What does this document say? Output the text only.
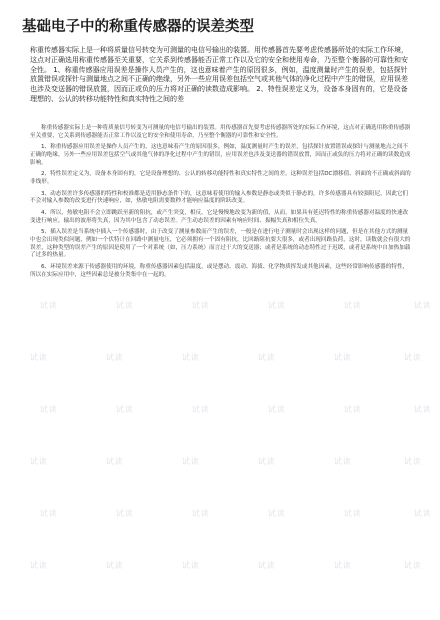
基础电子中的称重传感器的误差类型

称重传感器实际上是一种将质量信号转变为可测量的电信号输出的装置。用传感器首先要考虑传感器所处的实际工作环境，这点对正确选用称重传感器至关重要，它关系到传感器能否正常工作以及它的安全和使用寿命，乃至整个衡器的可靠性和安全性。 1、称重传感器应用误差是操作人员产生的，这也意味着产生的原因很多，例如，温度测量时产生的误差，包括探针放置错误或探针与测量地点之间不正确的绝缘，另外一些应用误差包括空气或其他气体的净化过程中产生的错误，应用误差也涉及变送器的错误放置，因而正或负的压力将对正确的读数造成影响。 2、特性误差定义为，设备本身固有的，它是设备理想的、公认的转移功能特性和真实特性之间的差

称重传感器实际上是一种将质量信号转变为可测量的电信号输出的装置。用传感器首先要考虑传感器所处的实际工作环境，这点对正确选用称重传感器至关重要，它关系到传感器能否正常工作以及它的安全和使用寿命，乃至整个衡器的可靠性和安全性。

1、称重传感器应用误差是操作人员产生的，这也意味着产生的原因很多，例如，温度测量时产生的误差，包括探针放置错误或探针与测量地点之间不正确的绝缘，另外一些应用误差包括空气或其他气体的净化过程中产生的错误，应用误差也涉及变送器的错误放置，因而正或负的压力将对正确的读数造成影响。

2、特性误差定义为，设备本身固有的，它是设备理想的、公认的转移功能特性和真实特性之间的差，这种误差包括DC漂移值、斜面的不正确或斜面的非线形。

3、动态误差许多传感器的特性和校准都是适用静态条件下的，这意味着使用的输入参数是静态或类似于静态的，许多传感器具有较强阻尼，因此它们不会对输入参数的改变进行快速响应，如，热敏电阻需要数秒才能响应温度的阶跃改变。

4、所以，热敏电阻不会立即跳跃至新的阻抗，或产生突变，相反，它是慢慢地改变为新的值，从而，如果具有延迟特性的称重传感器对温度的快速改变进行响应，输出的波形将失真，因为其中包含了动态误差。产生动态误差的因素有响应时间、振幅失真和相位失真。

5、插入误差是当系统中插入一个传感器时，由于改变了测量参数而产生的误差，一般是在进行电子测量时会出现这样的问题，但是在其他方式的测量中也会出现类似问题，例如一个伏特计在回路中测量电压，它必须拥有一个固有阻抗，比回路阻抗要大很多，或者出现回路负荷，这时，读数就会有很大的误差，这种类型的误差产生的原因是使用了一个对系统（如，压力系统）而言过于大的变送器；或者是系统的动态特性过于迟缓，或者是系统中自加热加载了过多的热量。

6、环境误差来源于传感器使用的环境，称重传感器因素包括温度，或是摆动、震动、海拔、化学物质挥发或其他因素，这些经常影响传感器的特性，所以在实际应用中，这些因素总是被分类集中在一起的。

试读	试读	试读	试读	试读	试读
试读	试读	试读	试读	试读	试读
试读	试读	试读	试读	试读	试读
试读	试读	试读	试读	试读	试读
试读	试读	试读	试读	试读	试读
试读	试读	试读	试读	试读	试读
